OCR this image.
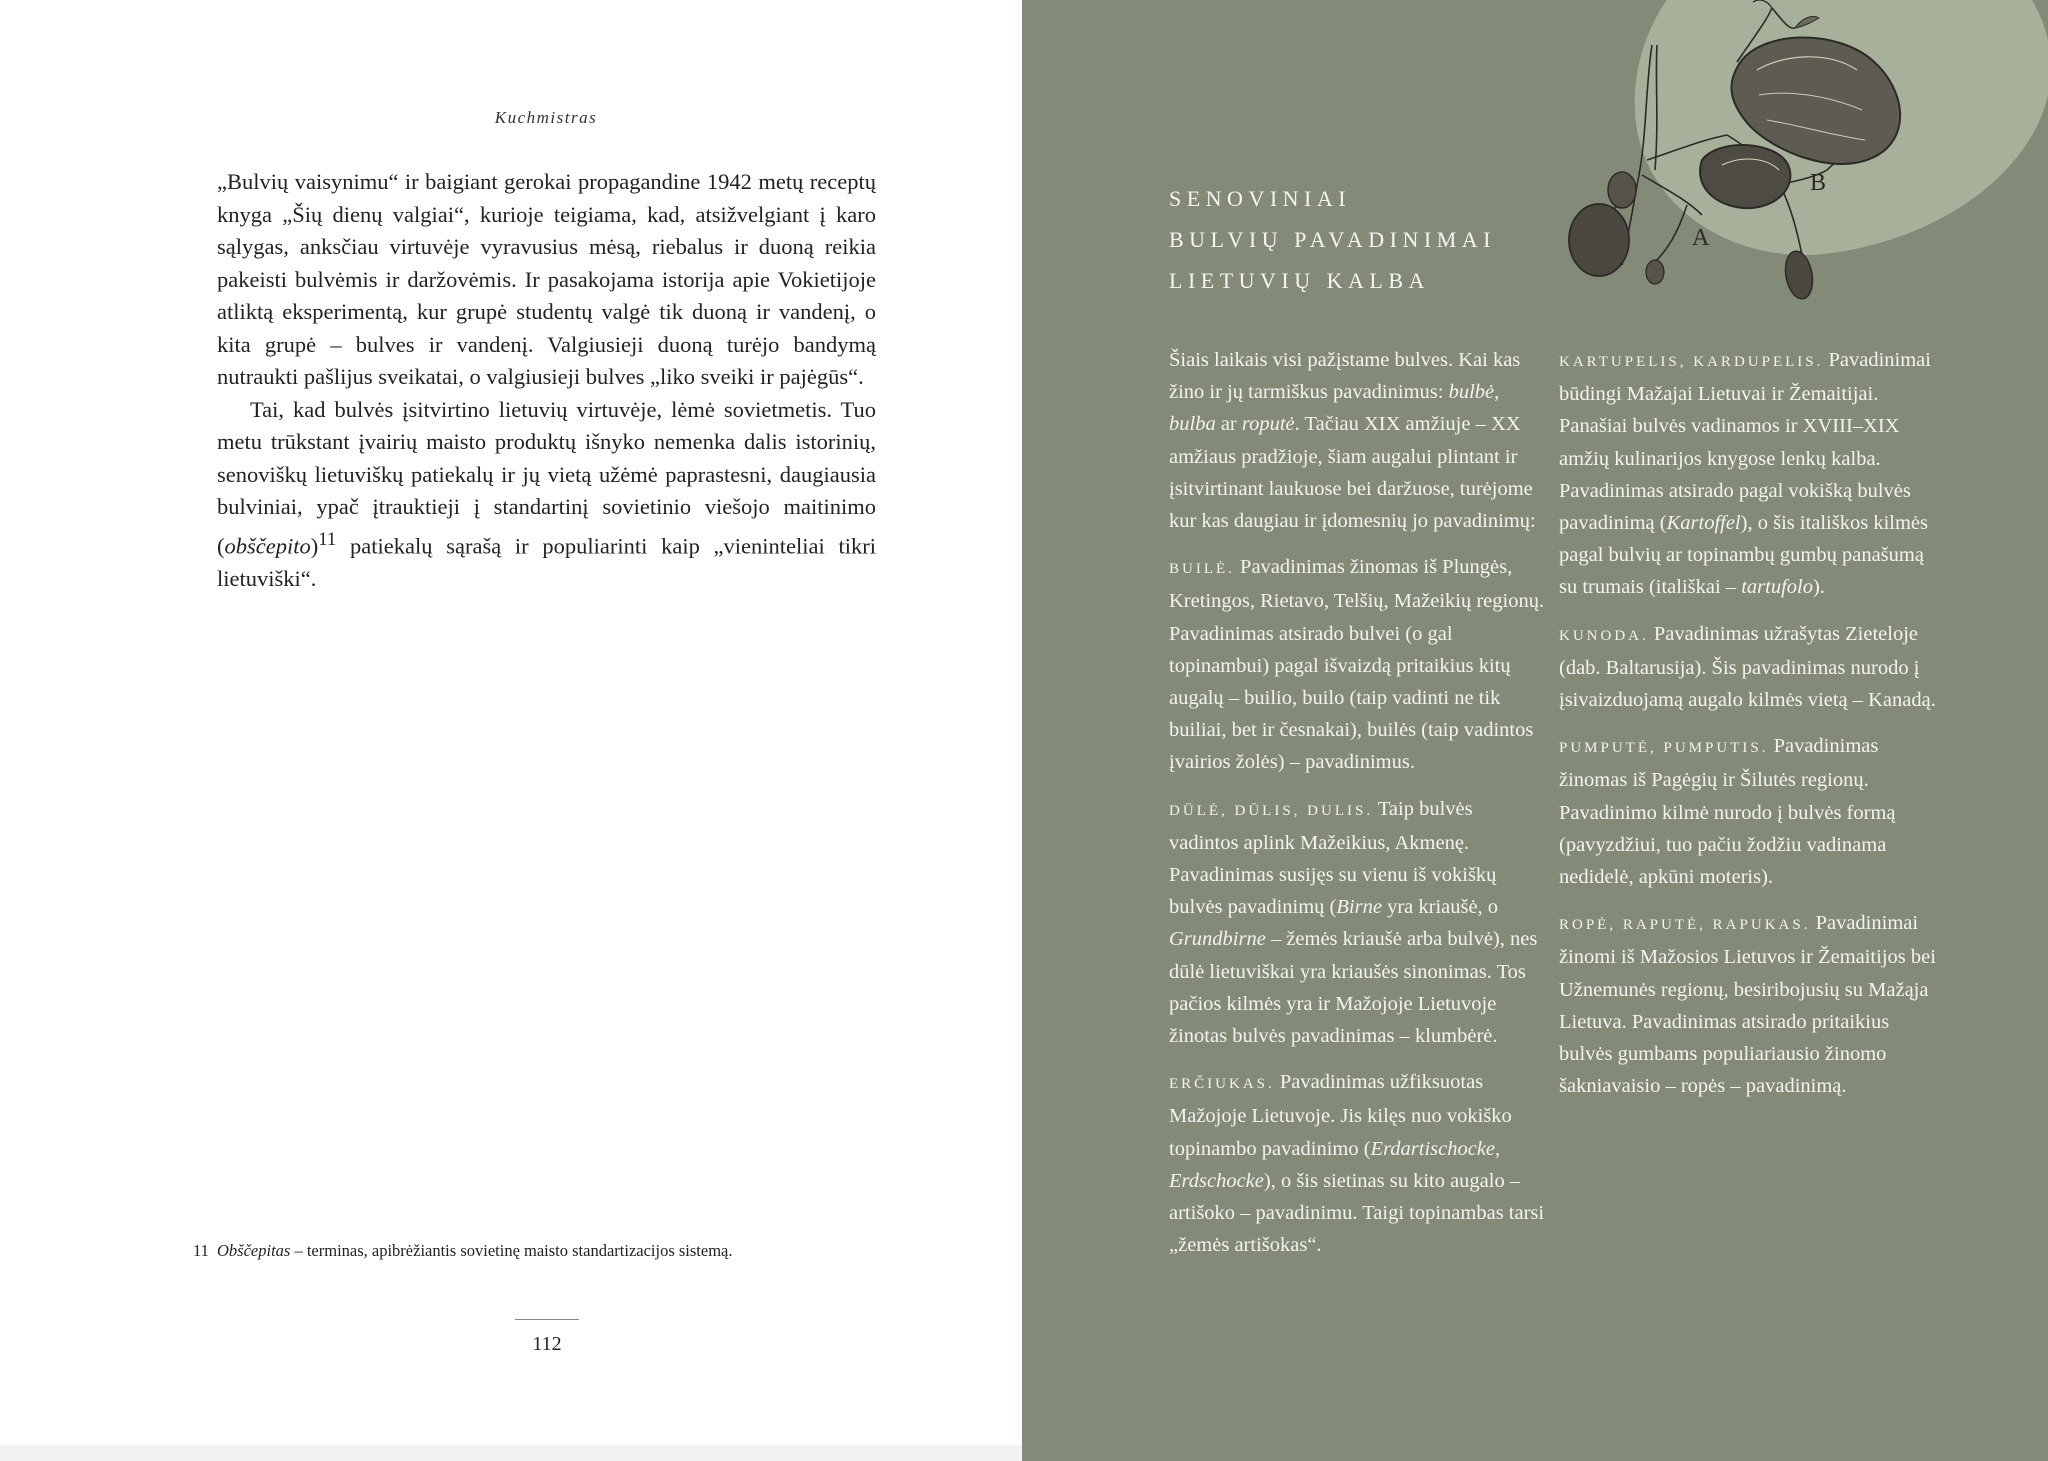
Kuchmistras

„Bulvių vaisynimu“ ir baigiant gerokai propagandine 1942 metų receptų knyga „Šių dienų valgiai“, kurioje teigiama, kad, atsižvelgiant į karo sąlygas, anksčiau virtuvėje vyravusius mėsą, riebalus ir duoną reikia pakeisti bulvėmis ir daržovėmis. Ir pasakojama istorija apie Vokietijoje atliktą eksperimentą, kur grupė studentų valgė tik duoną ir vandenį, o kita grupė – bulves ir vandenį. Valgiusieji duoną turėjo bandymą nutraukti pašlijus sveikatai, o valgiusieji bulves „liko sveiki ir pajėgūs“.

Tai, kad bulvės įsitvirtino lietuvių virtuvėje, lėmė sovietmetis. Tuo metu trūkstant įvairių maisto produktų išnyko nemenka dalis istorinių, senoviškų lietuviškų patiekalų ir jų vietą užėmė paprastesni, daugiausia bulviniai, ypač įtrauktieji į standartinį sovietinio viešojo maitinimo (obščepito)$^{11}$ patiekalų sąrašą ir populiarinti kaip „vieninteliai tikri lietuviški“.

11 Obščepitas – terminas, apibrėžiantis sovietinę maisto standartizacijos sistemą.
112
A
B
SENOVINIAI
BULVIŲ PAVADINIMAI
LIETUVIŲ KALBA

Šiais laikais visi pažįstame bulves. Kai kas žino ir jų tarmiškus pavadinimus: bulbė, bulba ar roputė. Tačiau XIX amžiuje – XX amžiaus pradžioje, šiam augalui plintant ir įsitvirtinant laukuose bei daržuose, turėjome kur kas daugiau ir įdomesnių jo pavadinimų:

BUILĖ. Pavadinimas žinomas iš Plungės, Kretingos, Rietavo, Telšių, Mažeikių regionų. Pavadinimas atsirado bulvei (o gal topinambui) pagal išvaizdą pritaikius kitų augalų – builio, builo (taip vadinti ne tik builiai, bet ir česnakai), builės (taip vadintos įvairios žolės) – pavadinimus.

DŪLĖ, DŪLIS, DULIS. Taip bulvės vadintos aplink Mažeikius, Akmenę. Pavadinimas susijęs su vienu iš vokiškų bulvės pavadinimų (Birne yra kriaušė, o Grundbirne – žemės kriaušė arba bulvė), nes dūlė lietuviškai yra kriaušės sinonimas. Tos pačios kilmės yra ir Mažojoje Lietuvoje žinotas bulvės pavadinimas – klumbėrė.

ERČIUKAS. Pavadinimas užfiksuotas Mažojoje Lietuvoje. Jis kilęs nuo vokiško topinambo pavadinimo (Erdartischocke, Erdschocke), o šis sietinas su kito augalo – artišoko – pavadinimu. Taigi topinambas tarsi „žemės artišokas“.

KARTUPELIS, KARDUPELIS. Pavadinimai būdingi Mažajai Lietuvai ir Žemaitijai. Panašiai bulvės vadinamos ir XVIII–XIX amžių kulinarijos knygose lenkų kalba. Pavadinimas atsirado pagal vokišką bulvės pavadinimą (Kartoffel), o šis itališkos kilmės pagal bulvių ar topinambų gumbų panašumą su trumais (itališkai – tartufolo).

KUNODA. Pavadinimas užrašytas Zieteloje (dab. Baltarusija). Šis pavadinimas nurodo į įsivaizduojamą augalo kilmės vietą – Kanadą.

PUMPUTĖ, PUMPUTIS. Pavadinimas žinomas iš Pagėgių ir Šilutės regionų. Pavadinimo kilmė nurodo į bulvės formą (pavyzdžiui, tuo pačiu žodžiu vadinama nedidelė, apkūni moteris).

ROPĖ, RAPUTĖ, RAPUKAS. Pavadinimai žinomi iš Mažosios Lietuvos ir Žemaitijos bei Užnemunės regionų, besiribojusių su Mažąja Lietuva. Pavadinimas atsirado pritaikius bulvės gumbams populiariausio žinomo šakniavaisio – ropės – pavadinimą.
